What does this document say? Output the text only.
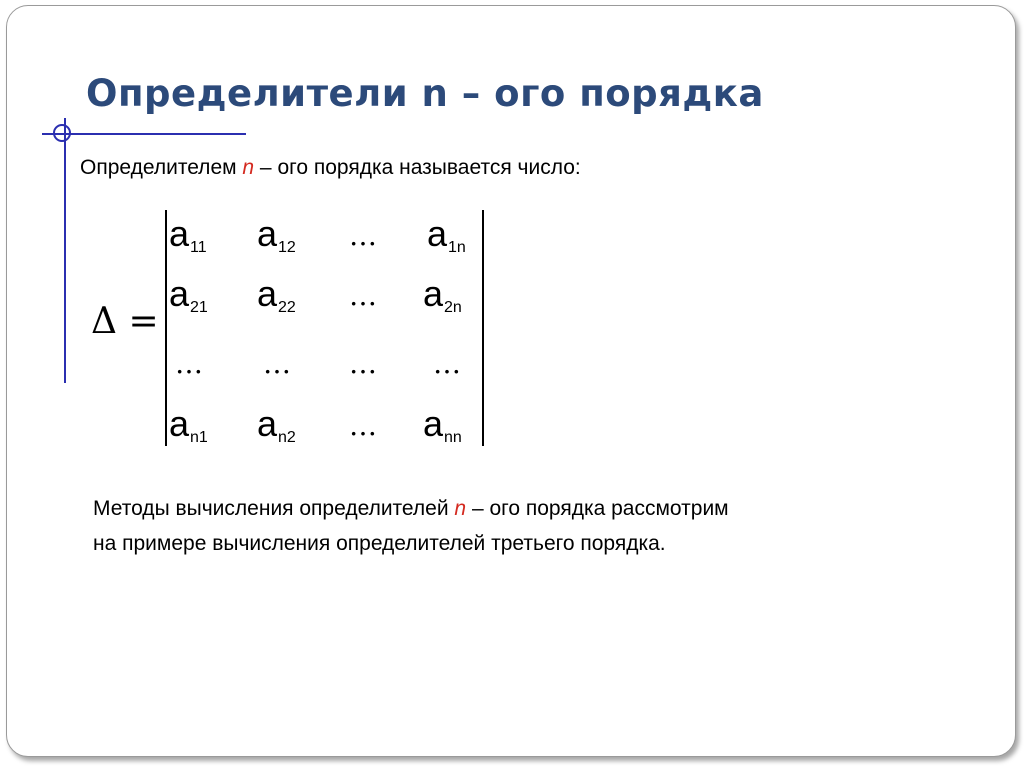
Определители n – ого порядка

Определителем n – ого порядка называется число:

Δ =
$a_{11}$ $a_{12}$ … $a_{1n}$
$a_{21}$ $a_{22}$ … $a_{2n}$
… … … …
$a_{n1}$ $a_{n2}$ … $a_{nn}$

Методы вычисления определителей n – ого порядка рассмотрим

на примере вычисления определителей третьего порядка.
